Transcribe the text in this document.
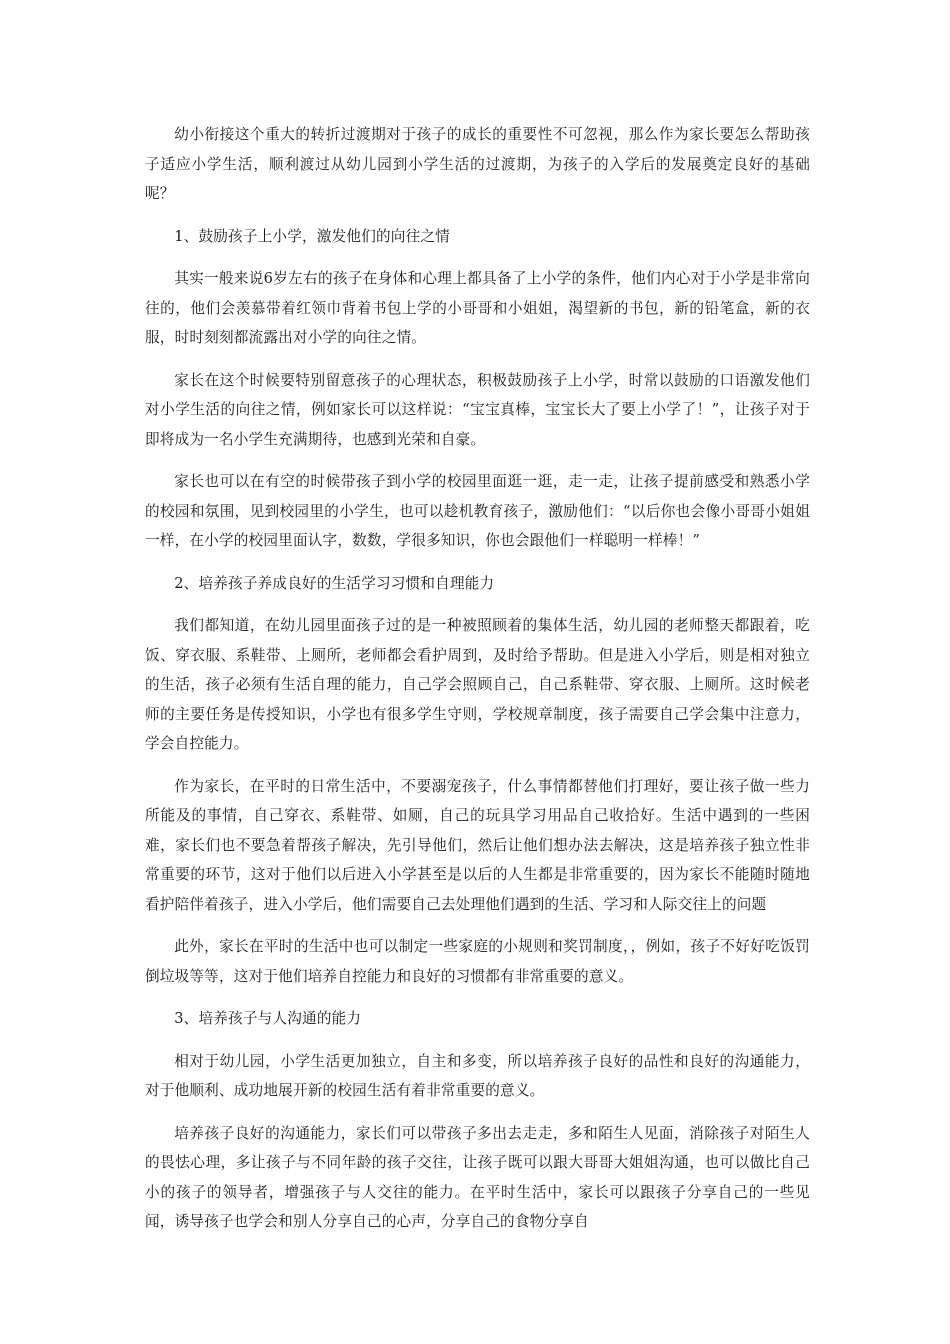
幼小衔接这个重大的转折过渡期对于孩子的成长的重要性不可忽视，那么作为家长要怎么帮助孩子适应小学生活，顺利渡过从幼儿园到小学生活的过渡期，为孩子的入学后的发展奠定良好的基础呢？

1、鼓励孩子上小学，激发他们的向往之情

其实一般来说6岁左右的孩子在身体和心理上都具备了上小学的条件，他们内心对于小学是非常向往的，他们会羡慕带着红领巾背着书包上学的小哥哥和小姐姐，渴望新的书包，新的铅笔盒，新的衣服，时时刻刻都流露出对小学的向往之情。

家长在这个时候要特别留意孩子的心理状态，积极鼓励孩子上小学，时常以鼓励的口语激发他们对小学生活的向往之情，例如家长可以这样说：“宝宝真棒，宝宝长大了要上小学了！”，让孩子对于即将成为一名小学生充满期待，也感到光荣和自豪。

家长也可以在有空的时候带孩子到小学的校园里面逛一逛，走一走，让孩子提前感受和熟悉小学的校园和氛围，见到校园里的小学生，也可以趁机教育孩子，激励他们：“以后你也会像小哥哥小姐姐一样，在小学的校园里面认字，数数，学很多知识，你也会跟他们一样聪明一样棒！”

2、培养孩子养成良好的生活学习习惯和自理能力

我们都知道，在幼儿园里面孩子过的是一种被照顾着的集体生活，幼儿园的老师整天都跟着，吃饭、穿衣服、系鞋带、上厕所，老师都会看护周到，及时给予帮助。但是进入小学后，则是相对独立的生活，孩子必须有生活自理的能力，自己学会照顾自己，自己系鞋带、穿衣服、上厕所。这时候老师的主要任务是传授知识，小学也有很多学生守则，学校规章制度，孩子需要自己学会集中注意力，学会自控能力。

作为家长，在平时的日常生活中，不要溺宠孩子，什么事情都替他们打理好，要让孩子做一些力所能及的事情，自己穿衣、系鞋带、如厕，自己的玩具学习用品自己收拾好。生活中遇到的一些困难，家长们也不要急着帮孩子解决，先引导他们，然后让他们想办法去解决，这是培养孩子独立性非常重要的环节，这对于他们以后进入小学甚至是以后的人生都是非常重要的，因为家长不能随时随地看护陪伴着孩子，进入小学后，他们需要自己去处理他们遇到的生活、学习和人际交往上的问题

此外，家长在平时的生活中也可以制定一些家庭的小规则和奖罚制度，，例如，孩子不好好吃饭罚倒垃圾等等，这对于他们培养自控能力和良好的习惯都有非常重要的意义。

3、培养孩子与人沟通的能力

相对于幼儿园，小学生活更加独立，自主和多变，所以培养孩子良好的品性和良好的沟通能力，对于他顺利、成功地展开新的校园生活有着非常重要的意义。

培养孩子良好的沟通能力，家长们可以带孩子多出去走走，多和陌生人见面，消除孩子对陌生人的畏怯心理，多让孩子与不同年龄的孩子交往，让孩子既可以跟大哥哥大姐姐沟通，也可以做比自己小的孩子的领导者，增强孩子与人交往的能力。在平时生活中，家长可以跟孩子分享自己的一些见闻，诱导孩子也学会和别人分享自己的心声，分享自己的食物分享自
